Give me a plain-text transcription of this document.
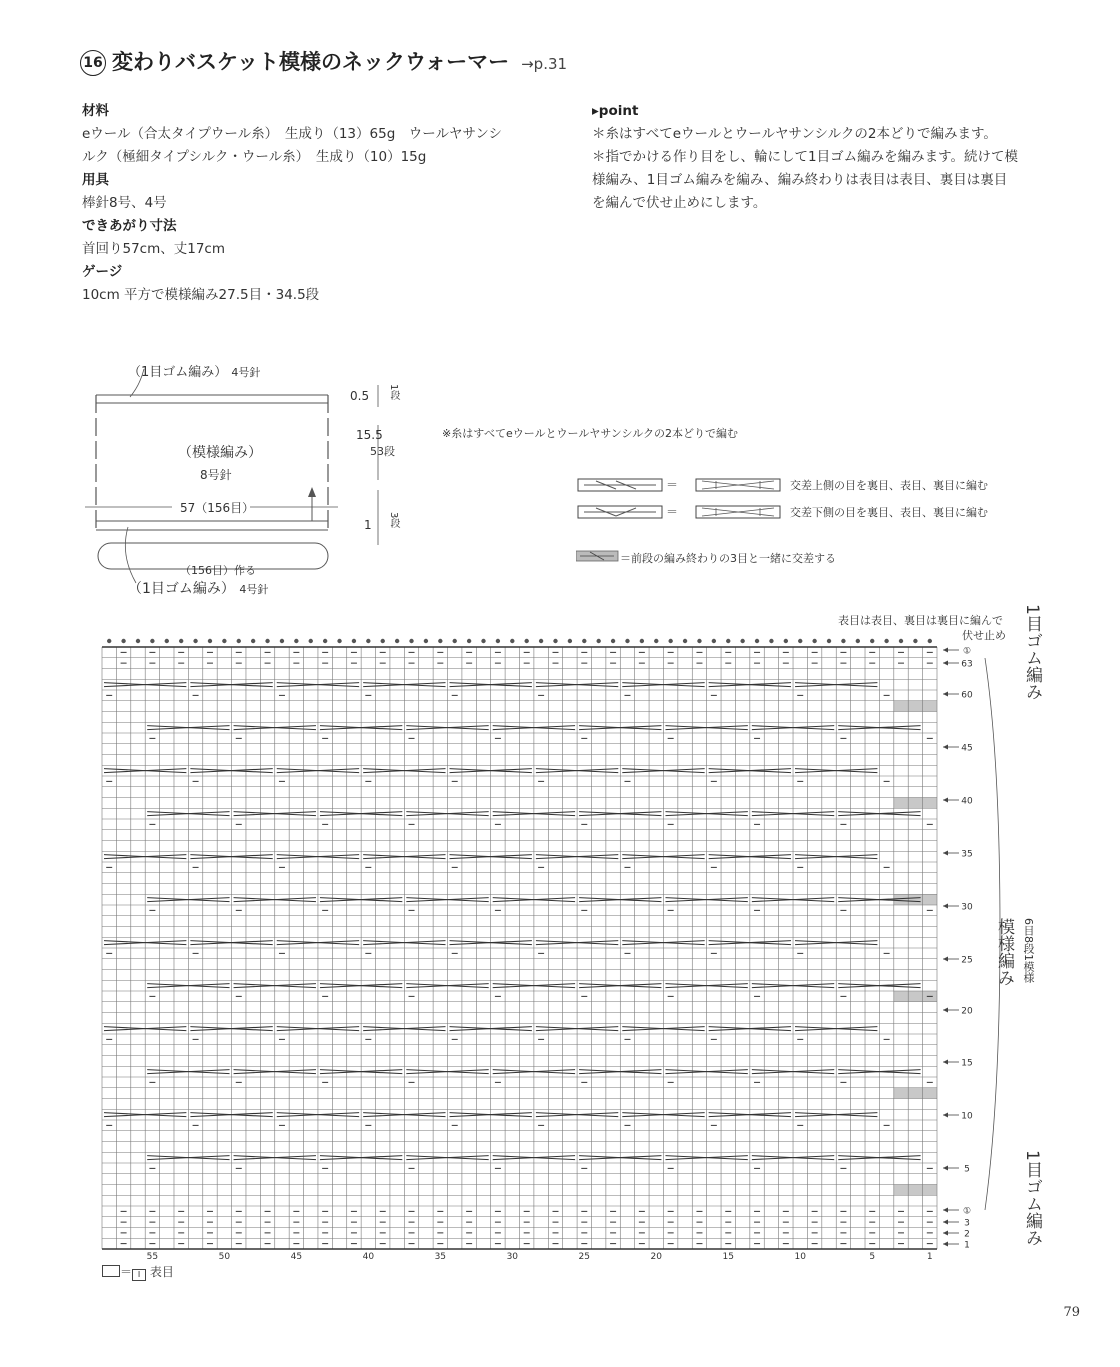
16 変わりバスケット模様のネックウォーマー →p.31
材料
eウール（合太タイプウール糸）　生成り（13）65g　ウールヤサンシ
ルク（極細タイプシルク・ウール糸）　生成り（10）15g
用具
棒針8号、4号
できあがり寸法
首回り57cm、丈17cm
ゲージ
10cm 平方で模様編み27.5目・34.5段
▸point
＊糸はすべてeウールとウールヤサンシルクの2本どりで編みます。
＊指でかける作り目をし、輪にして1目ゴム編みを編みます。続けて模
様編み、1目ゴム編みを編み、編み終わりは表目は表目、裏目は裏目
を編んで伏せ止めにします。
（1目ゴム編み） 4号針
（模様編み）
8号針
57（156目）
（156目）作る
（1目ゴム編み） 4号針
0.5 1段
15.5
53段
1 3段
※糸はすべてeウールとウールヤサンシルクの2本どりで編む
＝
＝
交差上側の目を裏目、表目、裏目に編む
交差下側の目を裏目、表目、裏目に編む
＝前段の編み終わりの3目と一緒に交差する
表目は表目、裏目は裏目に編んで
伏せ止め
55	50	45	40	35	30	25	20	15	10	5	1
①
63
60
45
40
35
30
25
20
15
10
5
①
3
2
1
1目ゴム編み
模様編み 6目8段1模様
1目ゴム編み
＝ I 表目
79
